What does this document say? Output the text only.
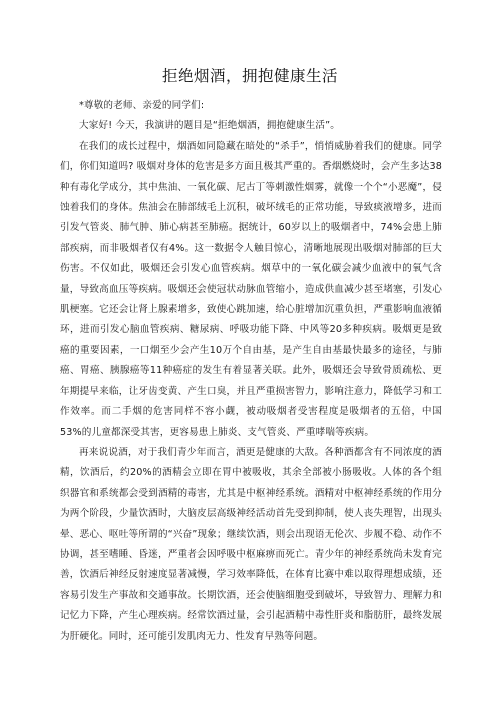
拒绝烟酒，拥抱健康生活

*尊敬的老师、亲爱的同学们:

大家好! 今天，我演讲的题目是“拒绝烟酒，拥抱健康生活”。

在我们的成长过程中，烟酒如同隐藏在暗处的“杀手”，悄悄威胁着我们的健康。同学们，你们知道吗? 吸烟对身体的危害是多方面且极其严重的。香烟燃烧时，会产生多达38种有毒化学成分，其中焦油、一氧化碳、尼古丁等刺激性烟雾，就像一个个“小恶魔”，侵蚀着我们的身体。焦油会在肺部绒毛上沉积，破坏绒毛的正常功能，导致痰液增多，进而引发气管炎、肺气肿、肺心病甚至肺癌。据统计，60岁以上的吸烟者中，74%会患上肺部疾病，而非吸烟者仅有4%。这一数据令人触目惊心，清晰地展现出吸烟对肺部的巨大伤害。不仅如此，吸烟还会引发心血管疾病。烟草中的一氧化碳会减少血液中的氧气含量，导致高血压等疾病。吸烟还会使冠状动脉血管缩小，造成供血减少甚至堵塞，引发心肌梗塞。它还会让肾上腺素增多，致使心跳加速，给心脏增加沉重负担，严重影响血液循环，进而引发心脑血管疾病、糖尿病、呼吸功能下降、中风等20多种疾病。吸烟更是致癌的重要因素，一口烟至少会产生10万个自由基，是产生自由基最快最多的途径，与肺癌、胃癌、胰腺癌等11种癌症的发生有着显著关联。此外，吸烟还会导致骨质疏松、更年期提早来临，让牙齿变黄、产生口臭，并且严重损害智力，影响注意力，降低学习和工作效率。而二手烟的危害同样不容小觑，被动吸烟者受害程度是吸烟者的五倍，中国53%的儿童都深受其害，更容易患上肺炎、支气管炎、严重哮喘等疾病。

再来说说酒，对于我们青少年而言，酒更是健康的大敌。各种酒都含有不同浓度的酒精，饮酒后，约20%的酒精会立即在胃中被吸收，其余全部被小肠吸收。人体的各个组织器官和系统都会受到酒精的毒害，尤其是中枢神经系统。酒精对中枢神经系统的作用分为两个阶段，少量饮酒时，大脑皮层高级神经活动首先受到抑制，使人丧失理智，出现头晕、恶心、呕吐等所谓的“兴奋”现象；继续饮酒，则会出现语无伦次、步履不稳、动作不协调，甚至嗜睡、昏迷，严重者会因呼吸中枢麻痹而死亡。青少年的神经系统尚未发育完善，饮酒后神经反射速度显著减慢，学习效率降低，在体育比赛中难以取得理想成绩，还容易引发生产事故和交通事故。长期饮酒，还会使脑细胞受到破坏，导致智力、理解力和记忆力下降，产生心理疾病。经常饮酒过量，会引起酒精中毒性肝炎和脂肪肝，最终发展为肝硬化。同时，还可能引发肌肉无力、性发育早熟等问题。
